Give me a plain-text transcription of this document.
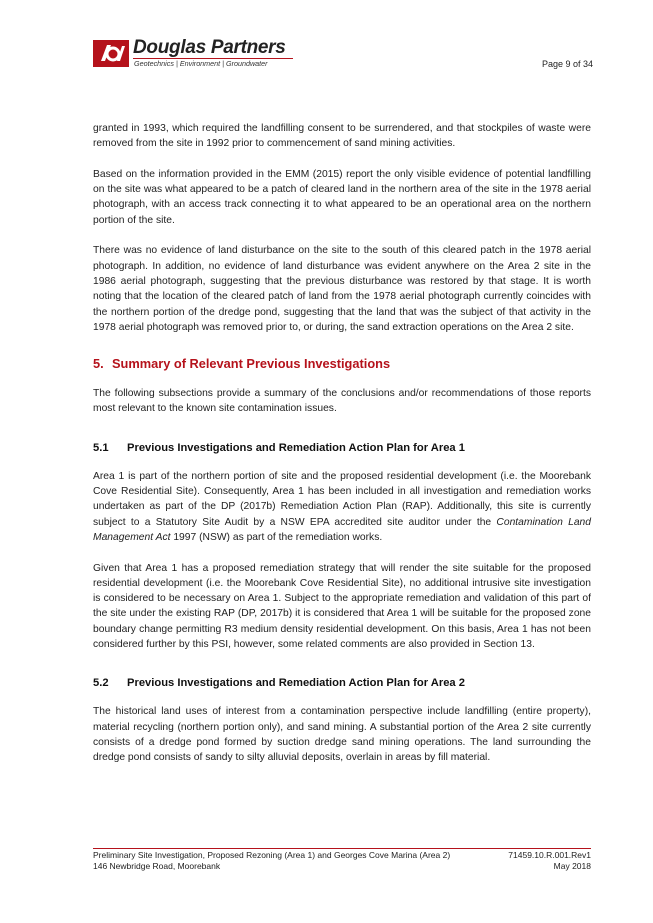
Douglas Partners
Geotechnics | Environment | Groundwater	Page 9 of 34

granted in 1993, which required the landfilling consent to be surrendered, and that stockpiles of waste were removed from the site in 1992 prior to commencement of sand mining activities.

Based on the information provided in the EMM (2015) report the only visible evidence of potential landfilling on the site was what appeared to be a patch of cleared land in the northern area of the site in the 1978 aerial photograph, with an access track connecting it to what appeared to be an operational area on the northern portion of the site.

There was no evidence of land disturbance on the site to the south of this cleared patch in the 1978 aerial photograph. In addition, no evidence of land disturbance was evident anywhere on the Area 2 site in the 1986 aerial photograph, suggesting that the previous disturbance was restored by that stage. It is worth noting that the location of the cleared patch of land from the 1978 aerial photograph currently coincides with the northern portion of the dredge pond, suggesting that the land that was the subject of that activity in the 1978 aerial photograph was removed prior to, or during, the sand extraction operations on the Area 2 site.

5. Summary of Relevant Previous Investigations

The following subsections provide a summary of the conclusions and/or recommendations of those reports most relevant to the known site contamination issues.

5.1 Previous Investigations and Remediation Action Plan for Area 1

Area 1 is part of the northern portion of site and the proposed residential development (i.e. the Moorebank Cove Residential Site). Consequently, Area 1 has been included in all investigation and remediation works undertaken as part of the DP (2017b) Remediation Action Plan (RAP). Additionally, this site is currently subject to a Statutory Site Audit by a NSW EPA accredited site auditor under the Contamination Land Management Act 1997 (NSW) as part of the remediation works.

Given that Area 1 has a proposed remediation strategy that will render the site suitable for the proposed residential development (i.e. the Moorebank Cove Residential Site), no additional intrusive site investigation is considered to be necessary on Area 1. Subject to the appropriate remediation and validation of this part of the site under the existing RAP (DP, 2017b) it is considered that Area 1 will be suitable for the proposed zone boundary change permitting R3 medium density residential development. On this basis, Area 1 has not been considered further by this PSI, however, some related comments are also provided in Section 13.

5.2 Previous Investigations and Remediation Action Plan for Area 2

The historical land uses of interest from a contamination perspective include landfilling (entire property), material recycling (northern portion only), and sand mining. A substantial portion of the Area 2 site currently consists of a dredge pond formed by suction dredge sand mining operations. The land surrounding the dredge pond consists of sandy to silty alluvial deposits, overlain in areas by fill material.

Preliminary Site Investigation, Proposed Rezoning (Area 1) and Georges Cove Marina (Area 2)
146 Newbridge Road, Moorebank
71459.10.R.001.Rev1
May 2018
